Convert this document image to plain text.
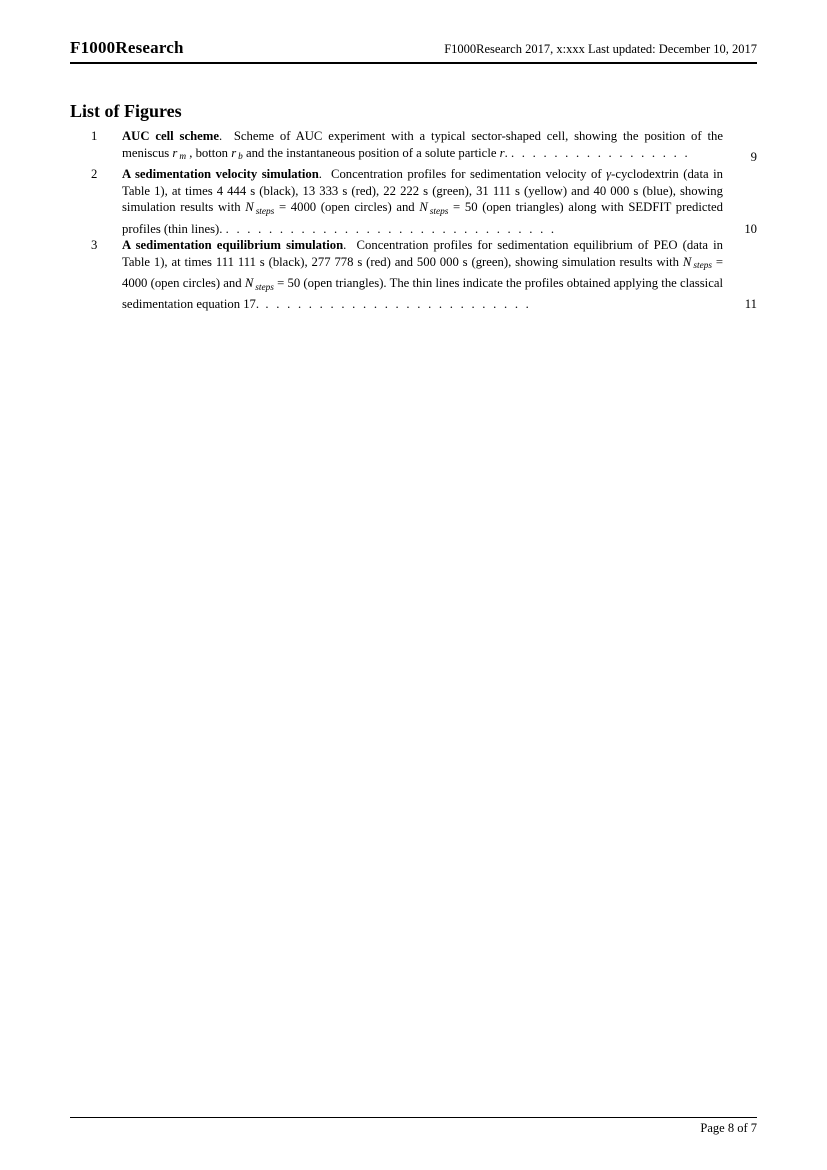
F1000Research	F1000Research 2017, x:xxx Last updated: December 10, 2017
List of Figures
1	AUC cell scheme.  Scheme of AUC experiment with a typical sector-shaped cell, showing the position of the meniscus r m , botton r b and the instantaneous position of a solute particle r. . . . . . . . . . . . . . . . . .	9
2	A sedimentation velocity simulation.  Concentration profiles for sedimentation velocity of γ-cyclodextrin (data in Table 1), at times 4 444 s (black), 13 333 s (red), 22 222 s (green), 31 111 s (yellow) and 40 000 s (blue), showing simulation results with N steps = 4000 (open circles) and N steps = 50 (open triangles) along with SEDFIT predicted profiles (thin lines). . . . . . . . . . . . . . . . . . . . . . . . . . . . . . . .	10
3	A sedimentation equilibrium simulation.  Concentration profiles for sedimentation equilibrium of PEO (data in Table 1), at times 111 111 s (black), 277 778 s (red) and 500 000 s (green), showing simulation results with N steps = 4000 (open circles) and N steps = 50 (open triangles). The thin lines indicate the profiles obtained applying the classical sedimentation equation 17.  . . . . . . . . . . . . . . . . . . . . . . . . .	11
Page 8 of 7
